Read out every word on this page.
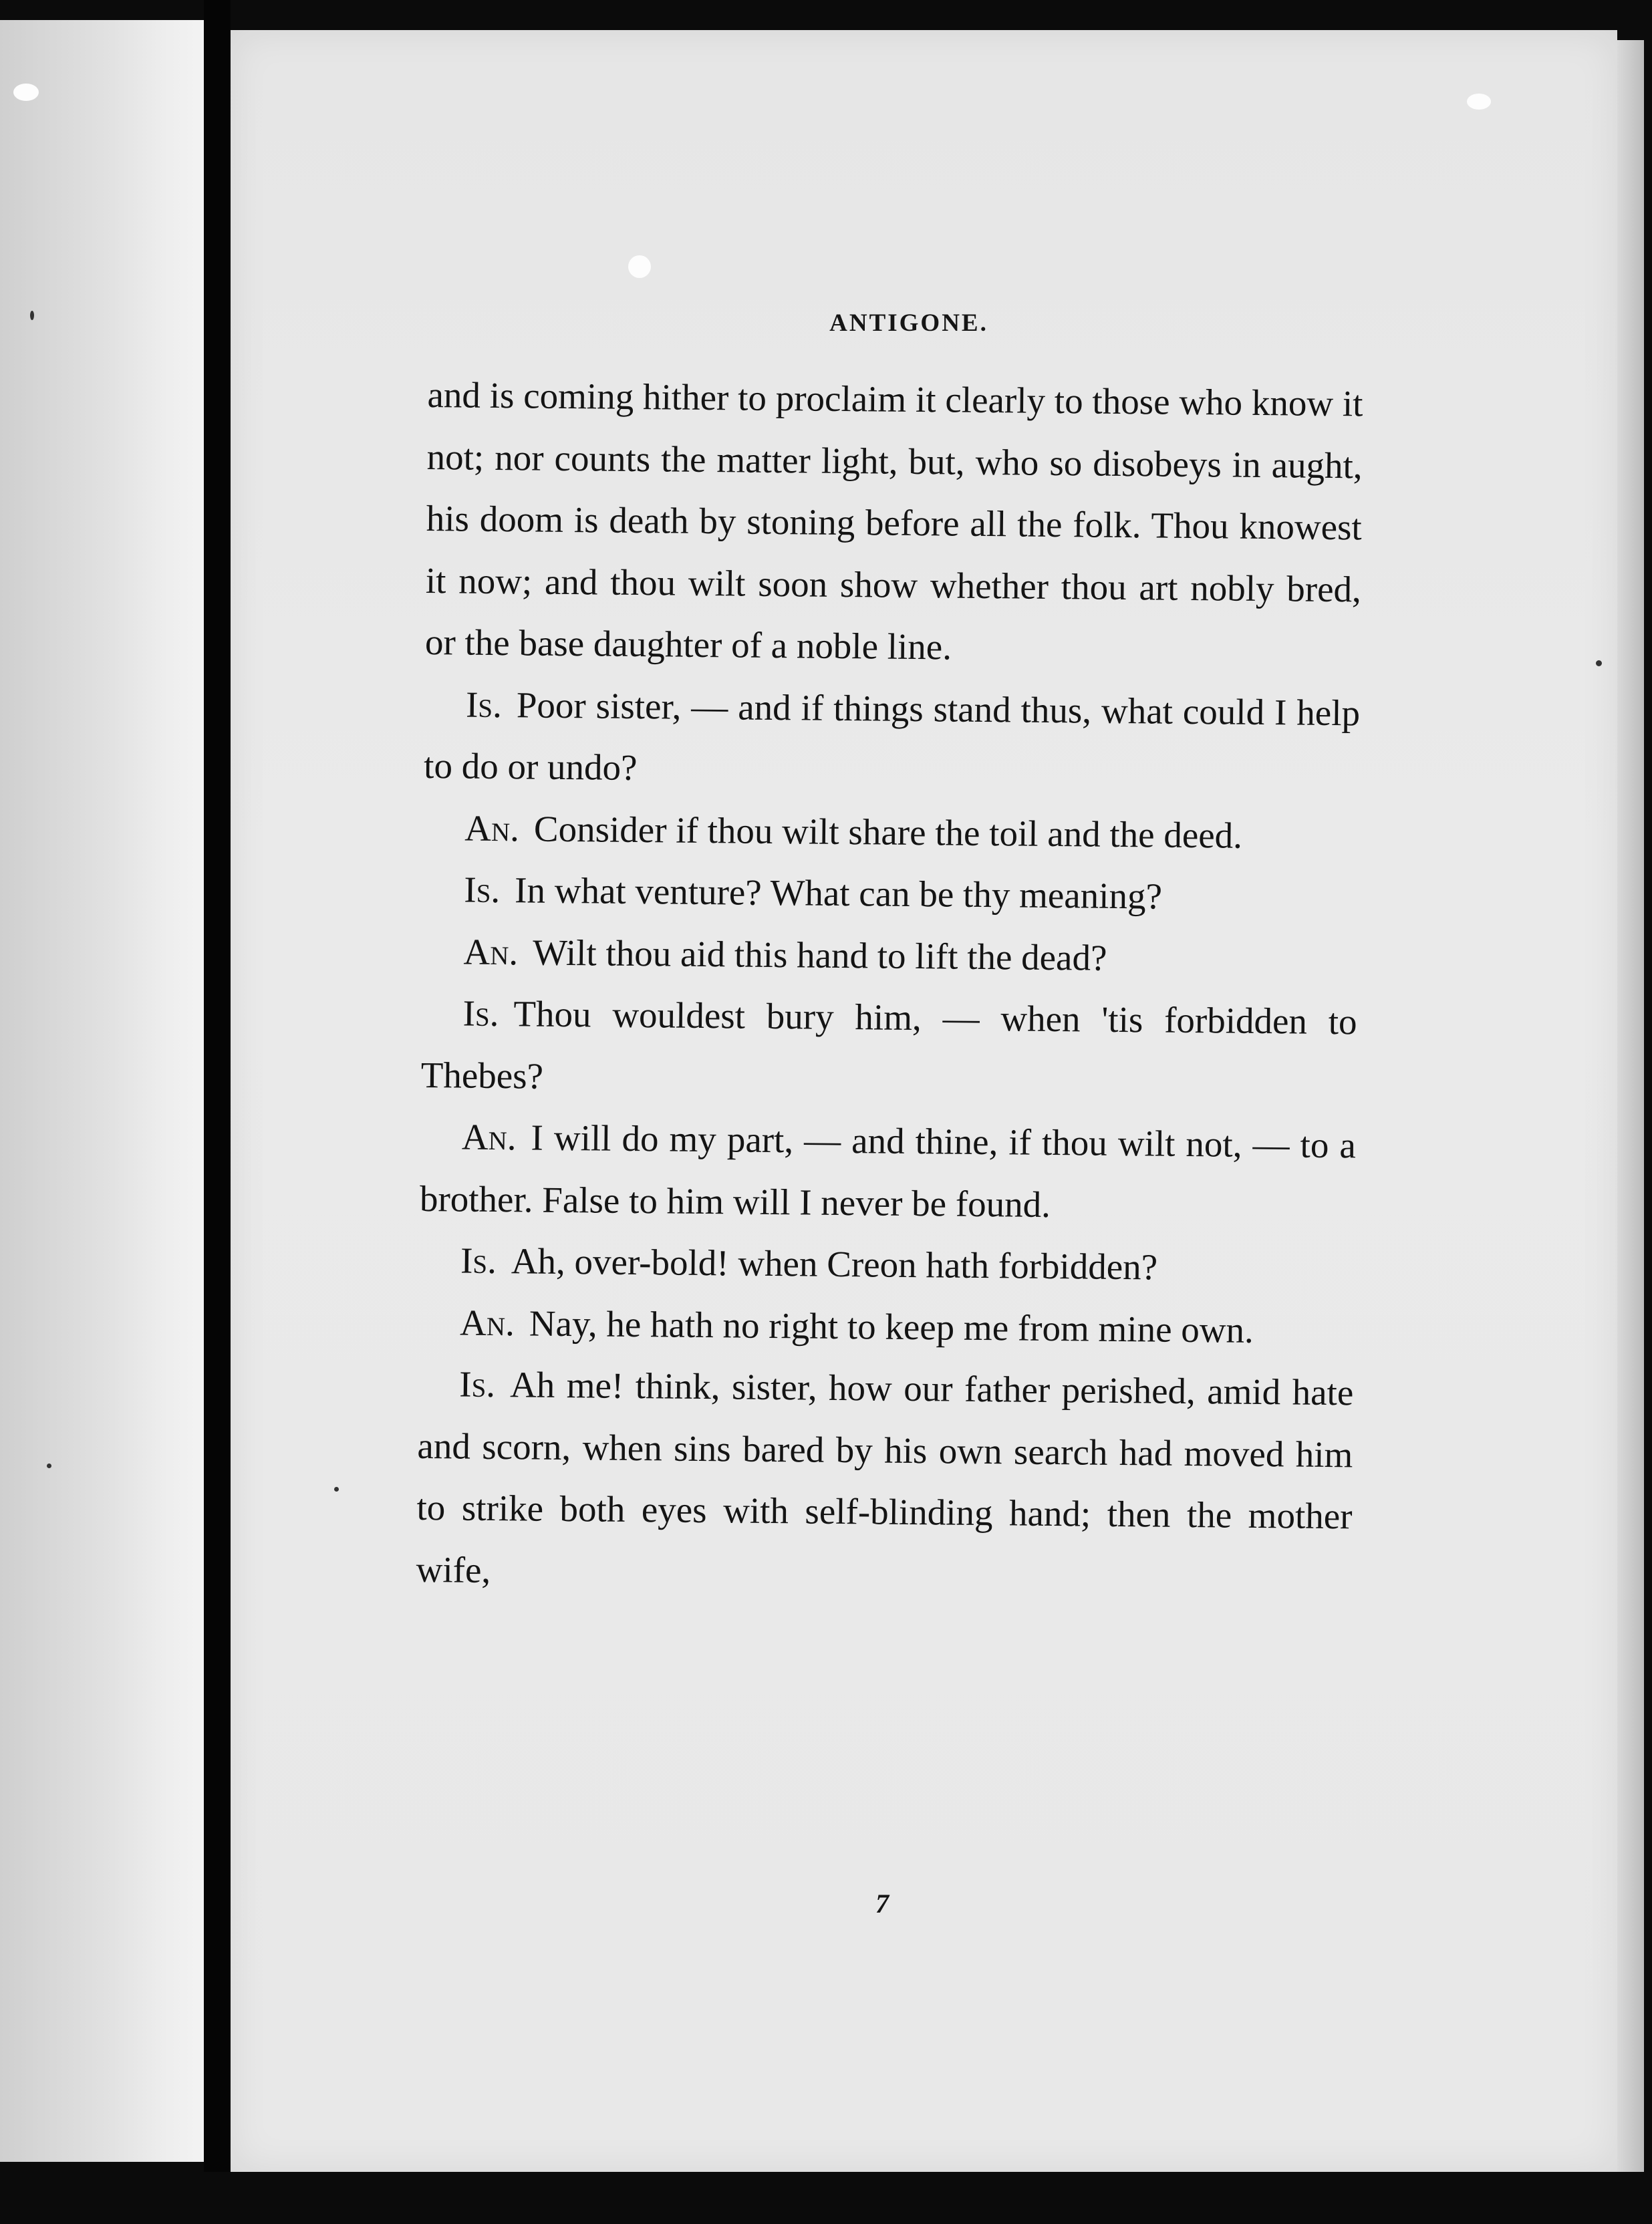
ANTIGONE.

and is coming hither to proclaim it clearly to those who know it not; nor counts the matter light, but, who so disobeys in aught, his doom is death by stoning before all the folk. Thou knowest it now; and thou wilt soon show whether thou art nobly bred, or the base daughter of a noble line.

Is. Poor sister, — and if things stand thus, what could I help to do or undo?

An. Consider if thou wilt share the toil and the deed.

Is. In what venture? What can be thy meaning?

An. Wilt thou aid this hand to lift the dead?

Is. Thou wouldest bury him, — when 'tis forbidden to Thebes?

An. I will do my part, — and thine, if thou wilt not, — to a brother. False to him will I never be found.

Is. Ah, over-bold! when Creon hath forbidden?

An. Nay, he hath no right to keep me from mine own.

Is. Ah me! think, sister, how our father perished, amid hate and scorn, when sins bared by his own search had moved him to strike both eyes with self-blinding hand; then the mother wife,

7
